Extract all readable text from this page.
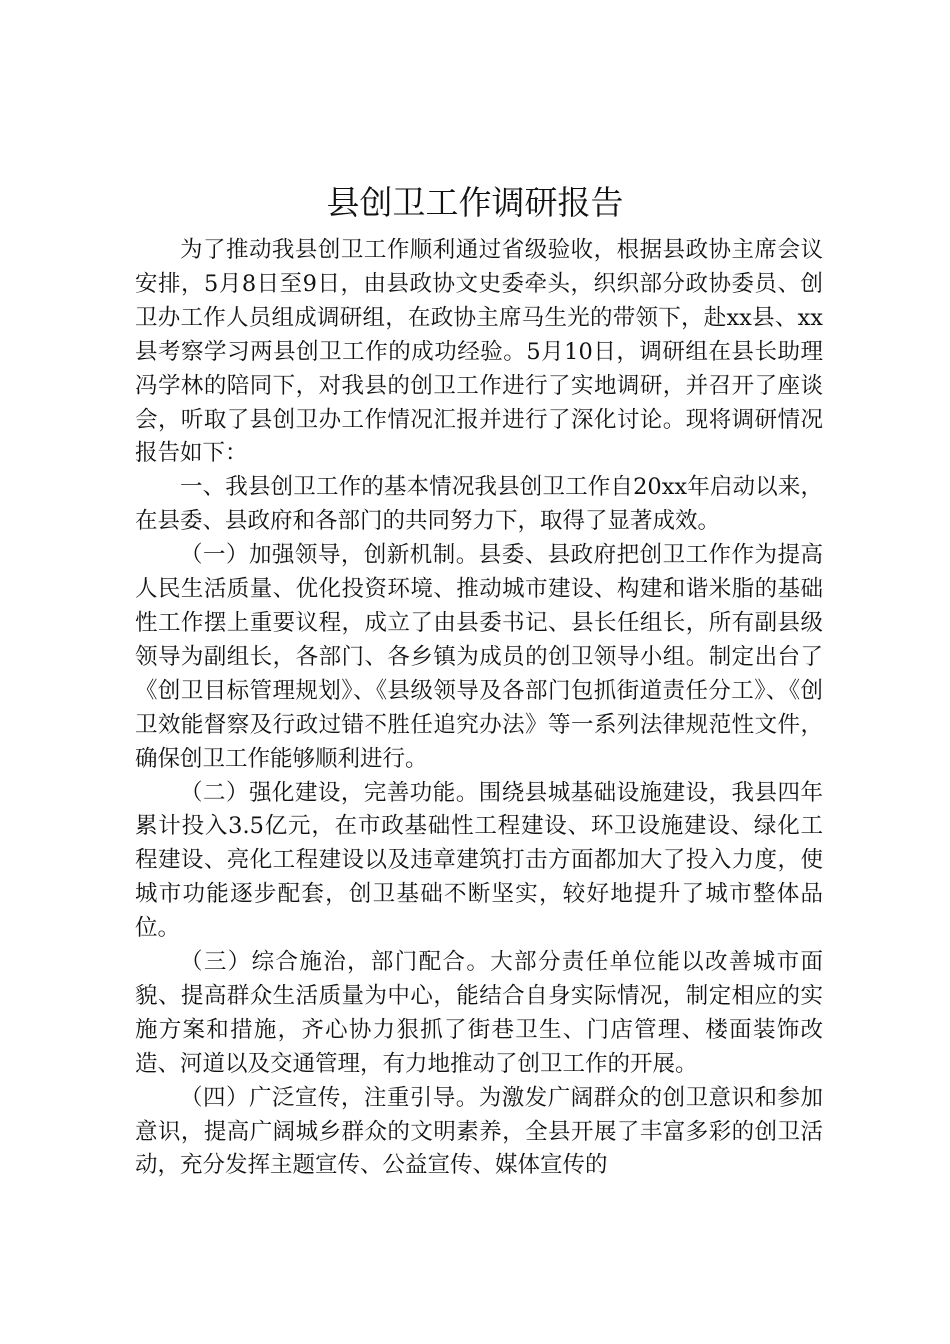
县创卫工作调研报告

为了推动我县创卫工作顺利通过省级验收，根据县政协主席会议安排，5月8日至9日，由县政协文史委牵头，织织部分政协委员、创卫办工作人员组成调研组，在政协主席马生光的带领下，赴xx县、xx县考察学习两县创卫工作的成功经验。5月10日，调研组在县长助理冯学林的陪同下，对我县的创卫工作进行了实地调研，并召开了座谈会，听取了县创卫办工作情况汇报并进行了深化讨论。现将调研情况报告如下：

一、我县创卫工作的基本情况我县创卫工作自20xx年启动以来，在县委、县政府和各部门的共同努力下，取得了显著成效。

（一）加强领导，创新机制。县委、县政府把创卫工作作为提高人民生活质量、优化投资环境、推动城市建设、构建和谐米脂的基础性工作摆上重要议程，成立了由县委书记、县长任组长，所有副县级领导为副组长，各部门、各乡镇为成员的创卫领导小组。制定出台了《创卫目标管理规划》、《县级领导及各部门包抓街道责任分工》、《创卫效能督察及行政过错不胜任追究办法》等一系列法律规范性文件，确保创卫工作能够顺利进行。

（二）强化建设，完善功能。围绕县城基础设施建设，我县四年累计投入3.5亿元，在市政基础性工程建设、环卫设施建设、绿化工程建设、亮化工程建设以及违章建筑打击方面都加大了投入力度，使城市功能逐步配套，创卫基础不断坚实，较好地提升了城市整体品位。

（三）综合施治，部门配合。大部分责任单位能以改善城市面貌、提高群众生活质量为中心，能结合自身实际情况，制定相应的实施方案和措施，齐心协力狠抓了街巷卫生、门店管理、楼面装饰改造、河道以及交通管理，有力地推动了创卫工作的开展。

（四）广泛宣传，注重引导。为激发广阔群众的创卫意识和参加意识，提高广阔城乡群众的文明素养，全县开展了丰富多彩的创卫活动，充分发挥主题宣传、公益宣传、媒体宣传的
